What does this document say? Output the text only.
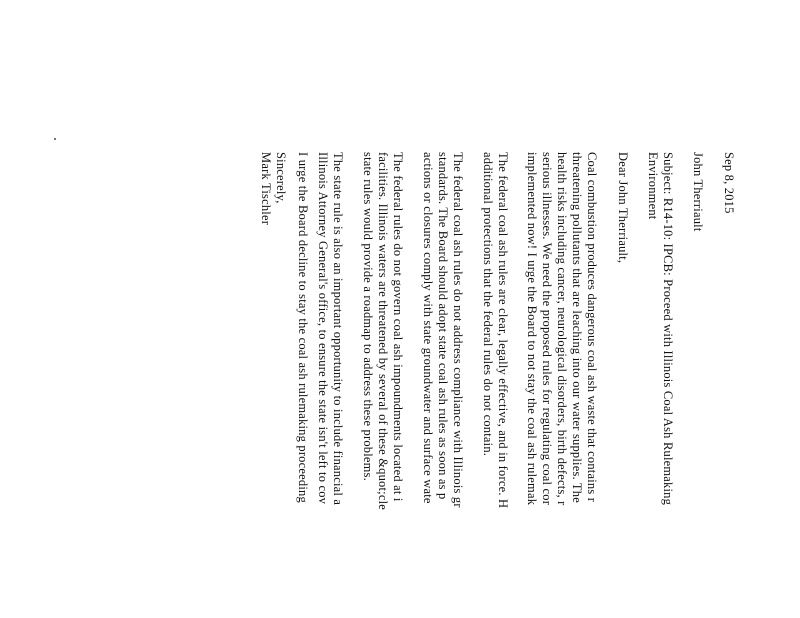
Sep 8, 2015
John Therriault
Subject: R14-10: IPCB: Proceed with Illinois Coal Ash Rulemaking
Environment
Dear John Therriault,
Coal combustion produces dangerous coal ash waste that contains r
threatening pollutants that are leaching into our water supplies. The
health risks including cancer, neurological disorders, birth defects, r
serious illnesses. We need the proposed rules for regulating coal cor
implemented now! I urge the Board to not stay the coal ash rulemak
The federal coal ash rules are clear, legally effective, and in force. H
additional protections that the federal rules do not contain.
The federal coal ash rules do not address compliance with Illinois gr
standards. The Board should adopt state coal ash rules as soon as p
actions or closures comply with state groundwater and surface wate
The federal rules do not govern coal ash impoundments located at i
facilities. Illinois waters are threatened by several of these &quot;cle
state rules would provide a roadmap to address these problems.
The state rule is also an important opportunity to include financial a
Illinois Attorney General's office, to ensure the state isn't left to cov
I urge the Board decline to stay the coal ash rulemaking proceeding
Sincerely,
Mark Tischler
